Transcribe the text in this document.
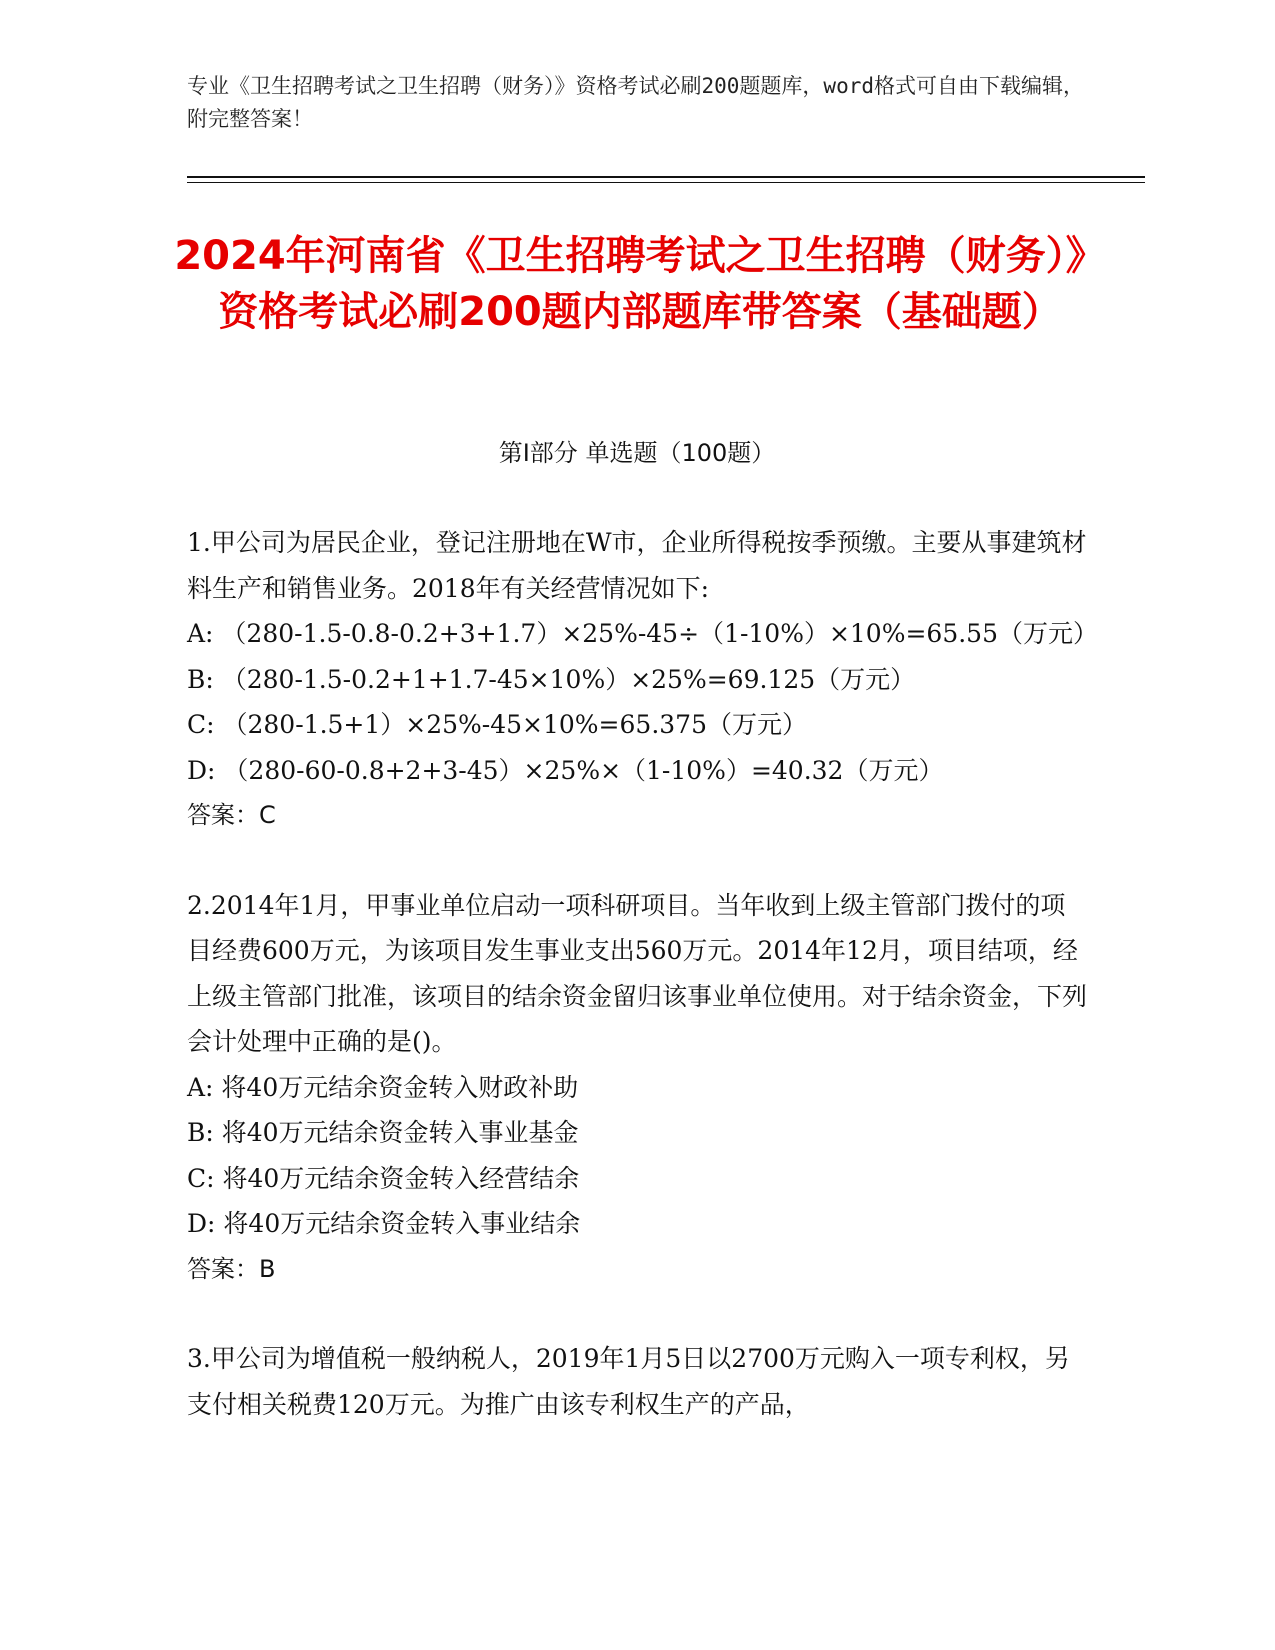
专业《卫生招聘考试之卫生招聘（财务）》资格考试必刷200题题库，word格式可自由下载编辑，附完整答案！
2024年河南省《卫生招聘考试之卫生招聘（财务）》资格考试必刷200题内部题库带答案（基础题）
第Ⅰ部分 单选题（100题）

1.甲公司为居民企业，登记注册地在W市，企业所得税按季预缴。主要从事建筑材料生产和销售业务。2018年有关经营情况如下:

A: （280-1.5-0.8-0.2+3+1.7）×25%-45÷（1-10%）×10%=65.55（万元）

B: （280-1.5-0.2+1+1.7-45×10%）×25%=69.125（万元）

C: （280-1.5+1）×25%-45×10%=65.375（万元）

D: （280-60-0.8+2+3-45）×25%×（1-10%）=40.32（万元）

答案：C

2.2014年1月，甲事业单位启动一项科研项目。当年收到上级主管部门拨付的项目经费600万元，为该项目发生事业支出560万元。2014年12月，项目结项，经上级主管部门批准，该项目的结余资金留归该事业单位使用。对于结余资金，下列会计处理中正确的是()。

A: 将40万元结余资金转入财政补助

B: 将40万元结余资金转入事业基金

C: 将40万元结余资金转入经营结余

D: 将40万元结余资金转入事业结余

答案：B

3.甲公司为增值税一般纳税人，2019年1月5日以2700万元购入一项专利权，另支付相关税费120万元。为推广由该专利权生产的产品，
